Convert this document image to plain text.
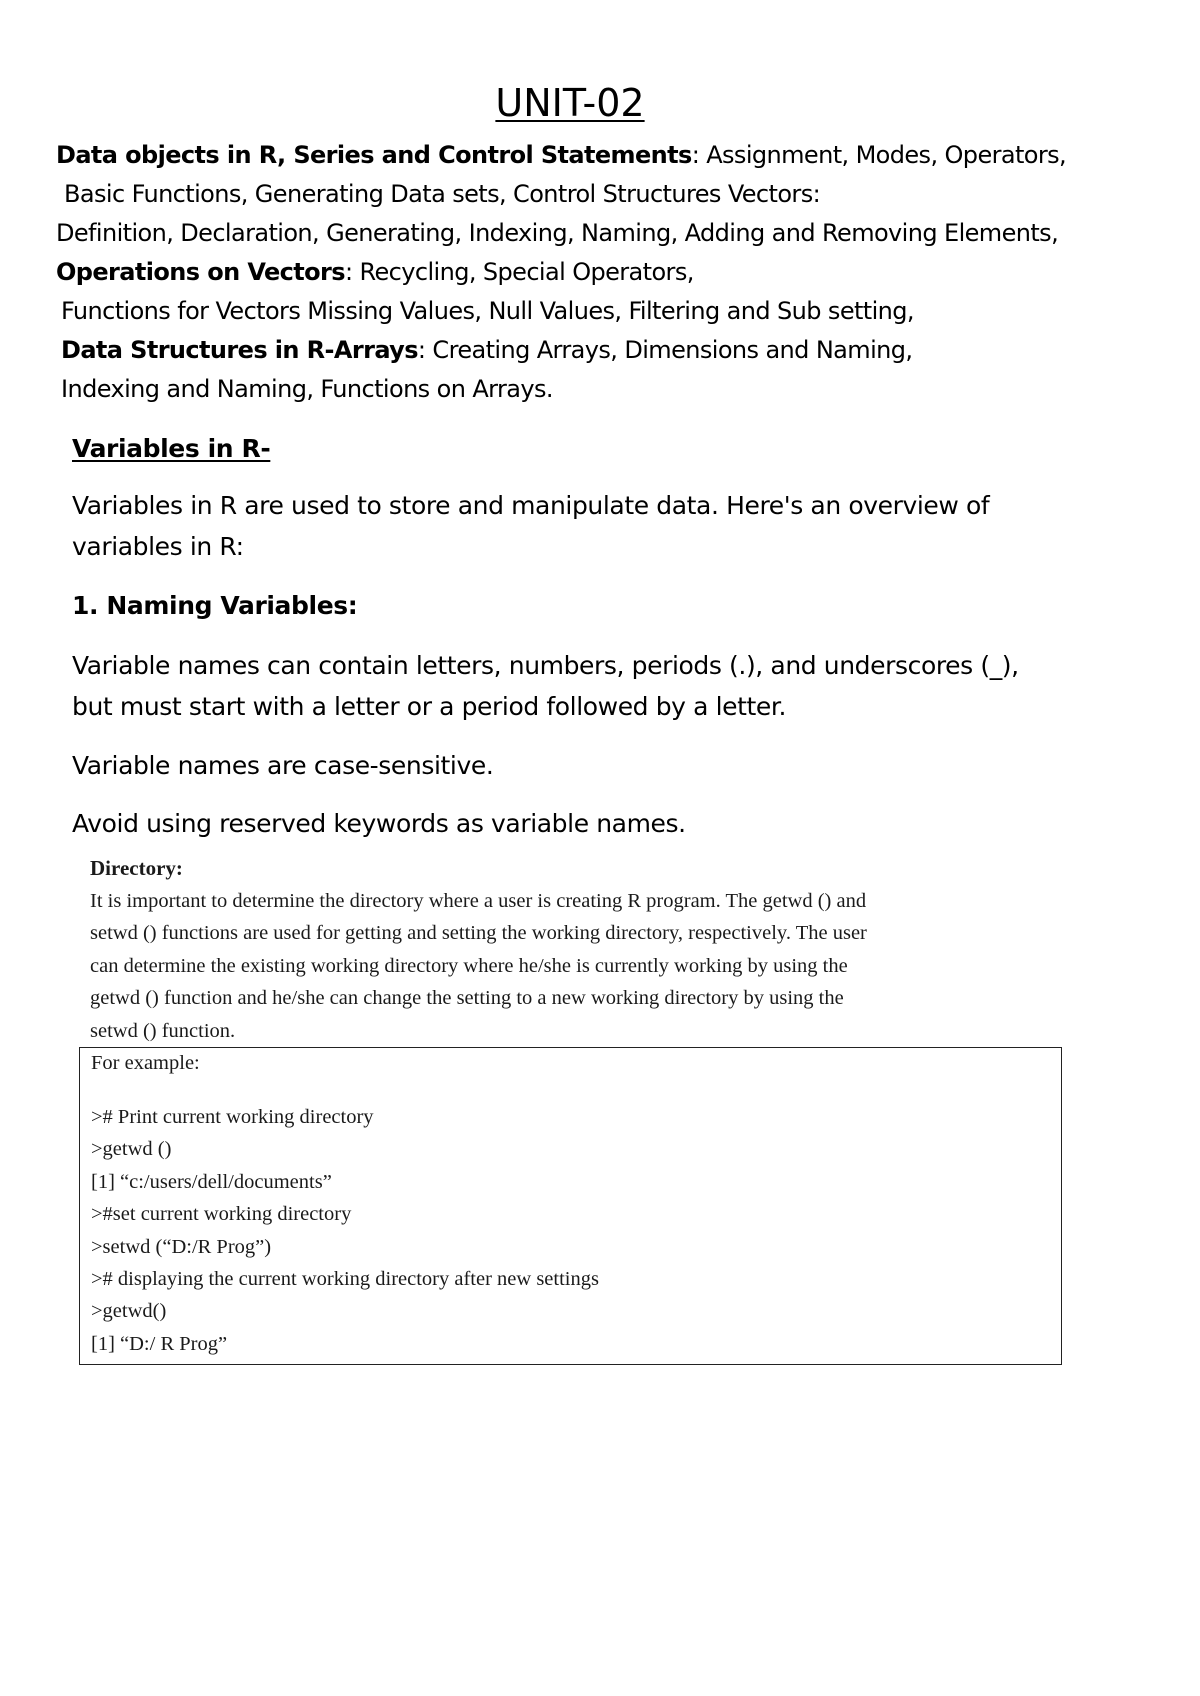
UNIT-02
Data objects in R, Series and Control Statements: Assignment, Modes, Operators,
Basic Functions, Generating Data sets, Control Structures Vectors:
Definition, Declaration, Generating, Indexing, Naming, Adding and Removing Elements,
Operations on Vectors: Recycling, Special Operators,
Functions for Vectors Missing Values, Null Values, Filtering and Sub setting,
Data Structures in R-Arrays: Creating Arrays, Dimensions and Naming,
Indexing and Naming, Functions on Arrays.
Variables in R-
Variables in R are used to store and manipulate data. Here's an overview of
variables in R:
1. Naming Variables:
Variable names can contain letters, numbers, periods (.), and underscores (_),
but must start with a letter or a period followed by a letter.
Variable names are case-sensitive.
Avoid using reserved keywords as variable names.
Directory:
It is important to determine the directory where a user is creating R program. The getwd () and
setwd () functions are used for getting and setting the working directory, respectively. The user
can determine the existing working directory where he/she is currently working by using the
getwd () function and he/she can change the setting to a new working directory by using the
setwd () function.
For example:
># Print current working directory
>getwd ()
[1] “c:/users/dell/documents”
>#set current working directory
>setwd (“D:/R Prog”)
># displaying the current working directory after new settings
>getwd()
[1] “D:/ R Prog”
